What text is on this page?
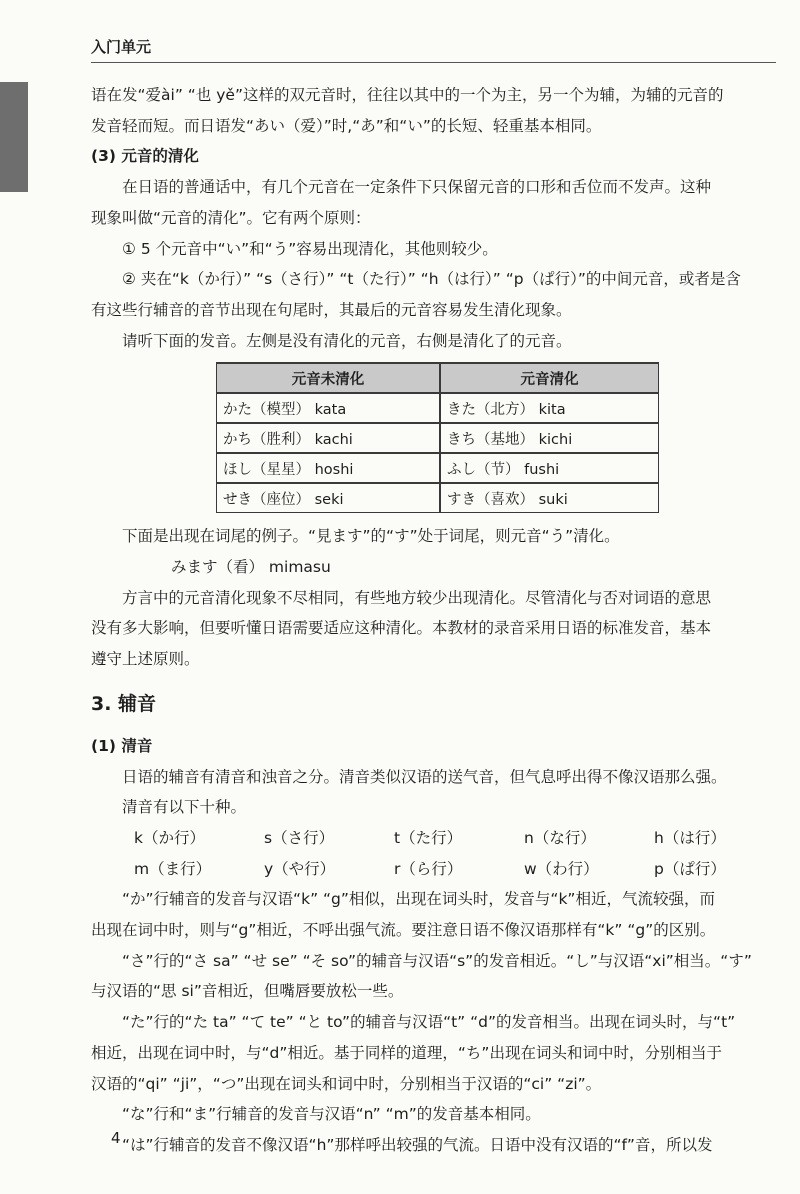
入门单元
语在发“爱ài” “也 yě”这样的双元音时，往往以其中的一个为主，另一个为辅，为辅的元音的
发音轻而短。而日语发“あい（爱）”时,“あ”和“い”的长短、轻重基本相同。
(3) 元音的清化
在日语的普通话中，有几个元音在一定条件下只保留元音的口形和舌位而不发声。这种
现象叫做“元音的清化”。它有两个原则：
① 5 个元音中“い”和“う”容易出现清化，其他则较少。
② 夹在“k（か行）” “s（さ行）” “t（た行）” “h（は行）” “p（ぱ行）”的中间元音，或者是含
有这些行辅音的音节出现在句尾时，其最后的元音容易发生清化现象。
请听下面的发音。左侧是没有清化的元音，右侧是清化了的元音。
元音未清化	元音清化
かた（模型） kata	きた（北方） kita
かち（胜利） kachi	きち（基地） kichi
ほし（星星） hoshi	ふし（节） fushi
せき（座位） seki	すき（喜欢） suki
下面是出现在词尾的例子。“見ます”的“す”处于词尾，则元音“う”清化。
みます（看） mimasu
方言中的元音清化现象不尽相同，有些地方较少出现清化。尽管清化与否对词语的意思
没有多大影响，但要听懂日语需要适应这种清化。本教材的录音采用日语的标准发音，基本
遵守上述原则。
3. 辅音
(1) 清音
日语的辅音有清音和浊音之分。清音类似汉语的送气音，但气息呼出得不像汉语那么强。
清音有以下十种。
k（か行）	s（さ行）	t（た行）	n（な行）	h（は行）
m（ま行）	y（や行）	r（ら行）	w（わ行）	p（ぱ行）
“か”行辅音的发音与汉语“k” “g”相似，出现在词头时，发音与“k”相近，气流较强，而
出现在词中时，则与“g”相近，不呼出强气流。要注意日语不像汉语那样有“k” “g”的区别。
“さ”行的“さ sa” “せ se” “そ so”的辅音与汉语“s”的发音相近。“し”与汉语“xi”相当。“す”
与汉语的“思 si”音相近，但嘴唇要放松一些。
“た”行的“た ta” “て te” “と to”的辅音与汉语“t” “d”的发音相当。出现在词头时，与“t”
相近，出现在词中时，与“d”相近。基于同样的道理，“ち”出现在词头和词中时，分别相当于
汉语的“qi” “ji”，“つ”出现在词头和词中时，分别相当于汉语的“ci” “zi”。
“な”行和“ま”行辅音的发音与汉语“n” “m”的发音基本相同。
“は”行辅音的发音不像汉语“h”那样呼出较强的气流。日语中没有汉语的“f”音，所以发
4
